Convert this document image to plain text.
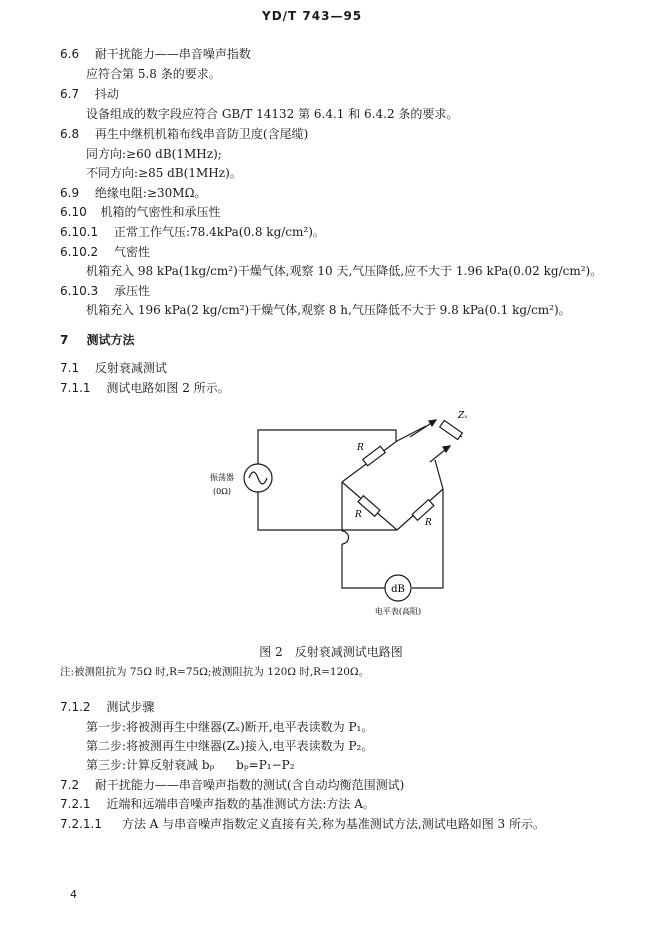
YD/T 743—95
6.6 耐干扰能力——串音噪声指数
应符合第 5.8 条的要求。
6.7 抖动
设备组成的数字段应符合 GB/T 14132 第 6.4.1 和 6.4.2 条的要求。
6.8 再生中继机机箱布线串音防卫度(含尾缆)
同方向:≥60 dB(1MHz);
不同方向:≥85 dB(1MHz)。
6.9 绝缘电阻:≥30MΩ。
6.10 机箱的气密性和承压性
6.10.1 正常工作气压:78.4kPa(0.8 kg/cm²)。
6.10.2 气密性
机箱充入 98 kPa(1kg/cm²)干燥气体,观察 10 天,气压降低,应不大于 1.96 kPa(0.02 kg/cm²)。
6.10.3 承压性
机箱充入 196 kPa(2 kg/cm²)干燥气体,观察 8 h,气压降低不大于 9.8 kPa(0.1 kg/cm²)。
7 测试方法
7.1 反射衰减测试
7.1.1 测试电路如图 2 所示。
dB
振荡器
(0Ω)
R
R
R
Zₓ
电平表(高阻)
图 2　反射衰减测试电路图
注:被测阻抗为 75Ω 时,R=75Ω;被测阻抗为 120Ω 时,R=120Ω。
7.1.2 测试步骤
第一步:将被测再生中继器(Zₓ)断开,电平表读数为 P₁。
第二步:将被测再生中继器(Zₓ)接入,电平表读数为 P₂。
第三步:计算反射衰减 bₚ bₚ=P₁−P₂
7.2 耐干扰能力——串音噪声指数的测试(含自动均衡范围测试)
7.2.1 近端和远端串音噪声指数的基准测试方法:方法 A。
7.2.1.1 方法 A 与串音噪声指数定义直接有关,称为基准测试方法,测试电路如图 3 所示。
4
